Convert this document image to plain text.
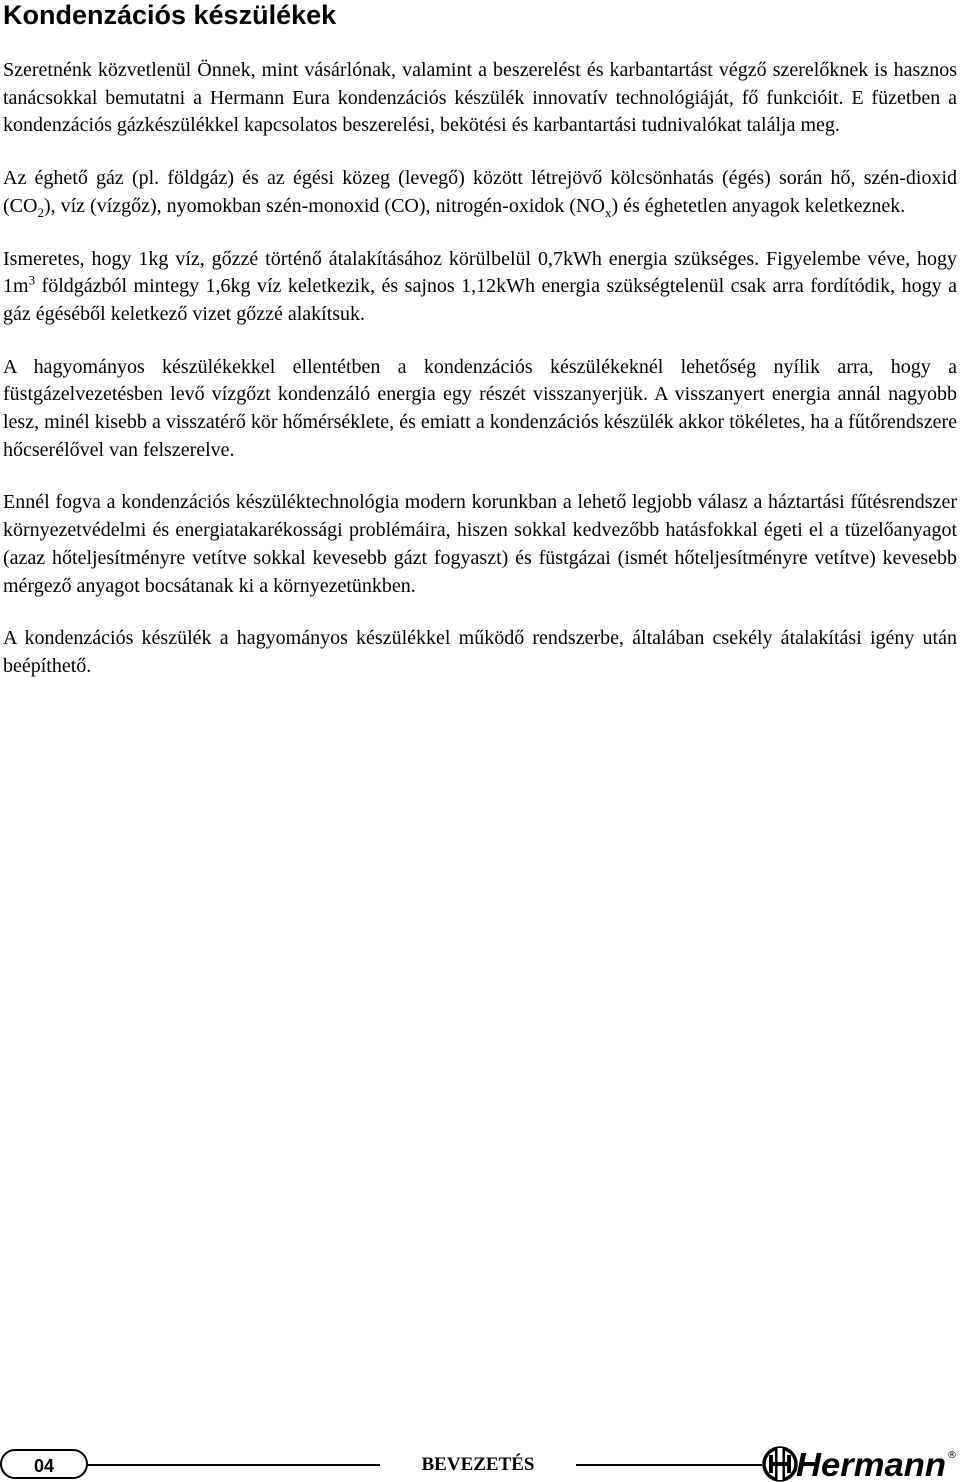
Kondenzációs készülékek

Szeretnénk közvetlenül Önnek, mint vásárlónak, valamint a beszerelést és karbantartást végző szerelőknek is hasznos tanácsokkal bemutatni a Hermann Eura kondenzációs készülék innovatív technológiáját, fő funkcióit. E füzetben a kondenzációs gázkészülékkel kapcsolatos beszerelési, bekötési és karbantartási tudnivalókat találja meg.

Az éghető gáz (pl. földgáz) és az égési közeg (levegő) között létrejövő kölcsönhatás (égés) során hő, szén-dioxid $(CO_2)$, víz (vízgőz), nyomokban szén-monoxid (CO), nitrogén-oxidok $(NO_x)$ és éghetetlen anyagok keletkeznek.

Ismeretes, hogy 1kg víz, gőzzé történő átalakításához körülbelül 0,7kWh energia szükséges. Figyelembe véve, hogy $1m^3$ földgázból mintegy 1,6kg víz keletkezik, és sajnos 1,12kWh energia szükségtelenül csak arra fordítódik, hogy a gáz égéséből keletkező vizet gőzzé alakítsuk.

A hagyományos készülékekkel ellentétben a kondenzációs készülékeknél lehetőség nyílik arra, hogy a füstgázelvezetésben levő vízgőzt kondenzáló energia egy részét visszanyerjük. A visszanyert energia annál nagyobb lesz, minél kisebb a visszatérő kör hőmérséklete, és emiatt a kondenzációs készülék akkor tökéletes, ha a fűtőrendszere hőcserélővel van felszerelve.

Ennél fogva a kondenzációs készüléktechnológia modern korunkban a lehető legjobb válasz a háztartási fűtésrendszer környezetvédelmi és energiatakarékossági problémáira, hiszen sokkal kedvezőbb hatásfokkal égeti el a tüzelőanyagot (azaz hőteljesítményre vetítve sokkal kevesebb gázt fogyaszt) és füstgázai (ismét hőteljesítményre vetítve) kevesebb mérgező anyagot bocsátanak ki a környezetünkben.

A kondenzációs készülék a hagyományos készülékkel működő rendszerbe, általában csekély átalakítási igény után beépíthető.

04	BEVEZETÉS	Hermann ®
